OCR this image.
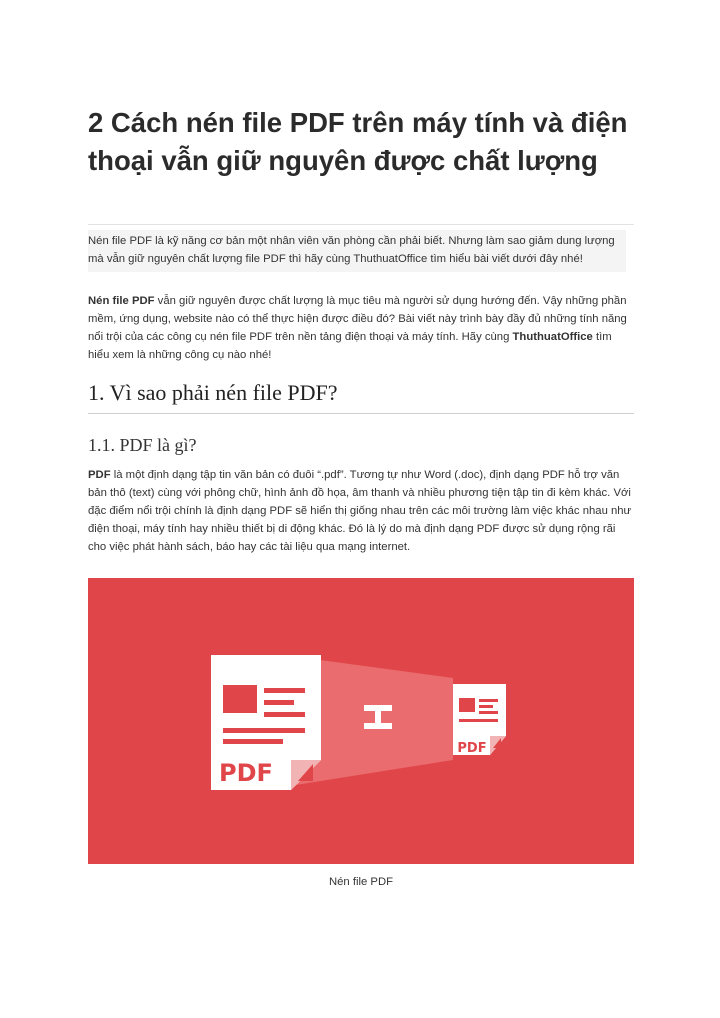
2 Cách nén file PDF trên máy tính và điện thoại vẫn giữ nguyên được chất lượng
Nén file PDF là kỹ năng cơ bản một nhân viên văn phòng cần phải biết. Nhưng làm sao giảm dung lượng mà vẫn giữ nguyên chất lượng file PDF thì hãy cùng ThuthuatOffice tìm hiểu bài viết dưới đây nhé!
Nén file PDF vẫn giữ nguyên được chất lượng là mục tiêu mà người sử dụng hướng đến. Vậy những phần mềm, ứng dụng, website nào có thể thực hiện được điều đó? Bài viết này trình bày đầy đủ những tính năng nổi trội của các công cụ nén file PDF trên nền tảng điện thoại và máy tính. Hãy cùng ThuthuatOffice tìm hiểu xem là những công cụ nào nhé!
1. Vì sao phải nén file PDF?
1.1. PDF là gì?
PDF là một định dạng tập tin văn bản có đuôi “.pdf”. Tương tự như Word (.doc), định dạng PDF hỗ trợ văn bản thô (text) cùng với phông chữ, hình ảnh đồ họa, âm thanh và nhiều phương tiện tập tin đi kèm khác. Với đặc điểm nổi trội chính là định dạng PDF sẽ hiển thị giống nhau trên các môi trường làm việc khác nhau như điện thoại, máy tính hay nhiều thiết bị di động khác. Đó là lý do mà định dạng PDF được sử dụng rộng rãi cho việc phát hành sách, báo hay các tài liệu qua mạng internet.
PDF
PDF
Nén file PDF
